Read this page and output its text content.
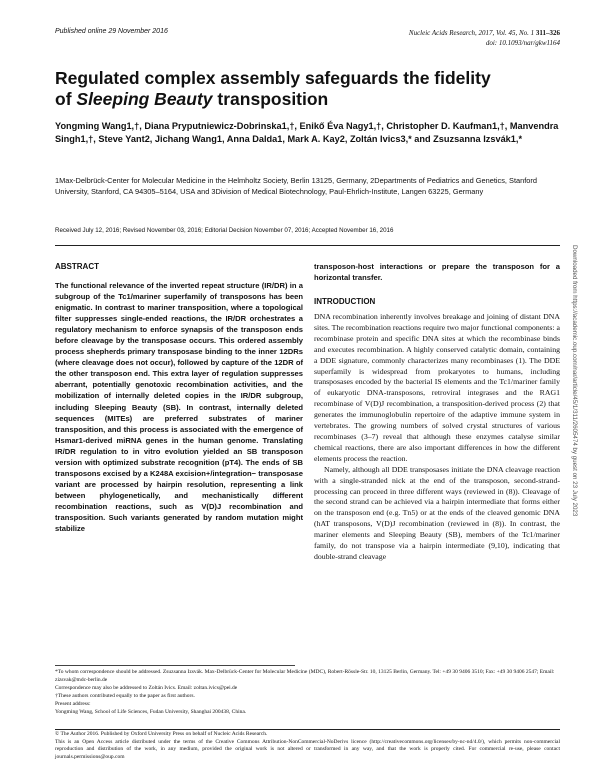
Published online 29 November 2016	Nucleic Acids Research, 2017, Vol. 45, No. 1 311–326
doi: 10.1093/nar/gkw1164
Regulated complex assembly safeguards the fidelity
of Sleeping Beauty transposition
Yongming Wang1,†, Diana Pryputniewicz-Dobrinska1,†, Enikő Éva Nagy1,†, Christopher D. Kaufman1,†, Manvendra Singh1,†, Steve Yant2, Jichang Wang1, Anna Dalda1, Mark A. Kay2, Zoltán Ivics3,* and Zsuzsanna Izsvák1,*
1Max-Delbrück-Center for Molecular Medicine in the Helmholtz Society, Berlin 13125, Germany, 2Departments of Pediatrics and Genetics, Stanford University, Stanford, CA 94305–5164, USA and 3Division of Medical Biotechnology, Paul-Ehrlich-Institute, Langen 63225, Germany
Received July 12, 2016; Revised November 03, 2016; Editorial Decision November 07, 2016; Accepted November 16, 2016
ABSTRACT
The functional relevance of the inverted repeat structure (IR/DR) in a subgroup of the Tc1/mariner superfamily of transposons has been enigmatic. In contrast to mariner transposition, where a topological filter suppresses single-ended reactions, the IR/DR orchestrates a regulatory mechanism to enforce synapsis of the transposon ends before cleavage by the transposase occurs. This ordered assembly process shepherds primary transposase binding to the inner 12DRs (where cleavage does not occur), followed by capture of the 12DR of the other transposon end. This extra layer of regulation suppresses aberrant, potentially genotoxic recombination activities, and the mobilization of internally deleted copies in the IR/DR subgroup, including Sleeping Beauty (SB). In contrast, internally deleted sequences (MITEs) are preferred substrates of mariner transposition, and this process is associated with the emergence of Hsmar1-derived miRNA genes in the human genome. Translating IR/DR regulation to in vitro evolution yielded an SB transposon version with optimized substrate recognition (pT4). The ends of SB transposons excised by a K248A excision+/integration− transposase variant are processed by hairpin resolution, representing a link between phylogenetically, and mechanistically different recombination reactions, such as V(D)J recombination and transposition. Such variants generated by random mutation might stabilize
transposon-host interactions or prepare the transposon for a horizontal transfer.
INTRODUCTION

DNA recombination inherently involves breakage and joining of distant DNA sites. The recombination reactions require two major functional components: a recombinase protein and specific DNA sites at which the recombinase binds and executes recombination. A highly conserved catalytic domain, containing a DDE signature, commonly characterizes many recombinases (1). The DDE superfamily is widespread from prokaryotes to humans, including transposases encoded by the bacterial IS elements and the Tc1/mariner family of eukaryotic DNA-transposons, retroviral integrases and the RAG1 recombinase of V(D)J recombination, a transposition-derived process (2) that generates the immunoglobulin repertoire of the adaptive immune system in vertebrates. The growing numbers of solved crystal structures of various recombinases (3–7) reveal that although these enzymes catalyse similar chemical reactions, there are also important differences in how the different elements process the reaction.

Namely, although all DDE transposases initiate the DNA cleavage reaction with a single-stranded nick at the end of the transposon, second-strand-processing can proceed in three different ways (reviewed in (8)). Cleavage of the second strand can be achieved via a hairpin intermediate that forms either on the transposon end (e.g. Tn5) or at the ends of the cleaved genomic DNA (hAT transposons, V(D)J recombination (reviewed in (8)). In contrast, the mariner elements and Sleeping Beauty (SB), members of the Tc1/mariner family, do not transpose via a hairpin intermediate (9,10), indicating that double-strand cleavage

*To whom correspondence should be addressed. Zsuzsanna Izsvák. Max-Delbrück-Center for Molecular Medicine (MDC), Robert-Rössle-Str. 10, 13125 Berlin, Germany. Tel: +49 30 9406 3510; Fax: +49 30 9406 2547; Email: zizsvak@mdc-berlin.de
Correspondence may also be addressed to Zoltán Ivics. Email: zoltan.ivics@pei.de
†These authors contributed equally to the paper as first authors.
Present address:
Yongming Wang, School of Life Sciences, Fudan University, Shanghai 200438, China.
© The Author 2016. Published by Oxford University Press on behalf of Nucleic Acids Research.
This is an Open Access article distributed under the terms of the Creative Commons Attribution-NonCommercial-NoDerivs licence (http://creativecommons.org/licenses/by-nc-nd/4.0/), which permits non-commercial reproduction and distribution of the work, in any medium, provided the original work is not altered or transformed in any way, and that the work is properly cited. For commercial re-use, please contact journals.permissions@oup.com
Downloaded from https://academic.oup.com/nar/article/45/1/311/2605474 by guest on 23 July 2023
